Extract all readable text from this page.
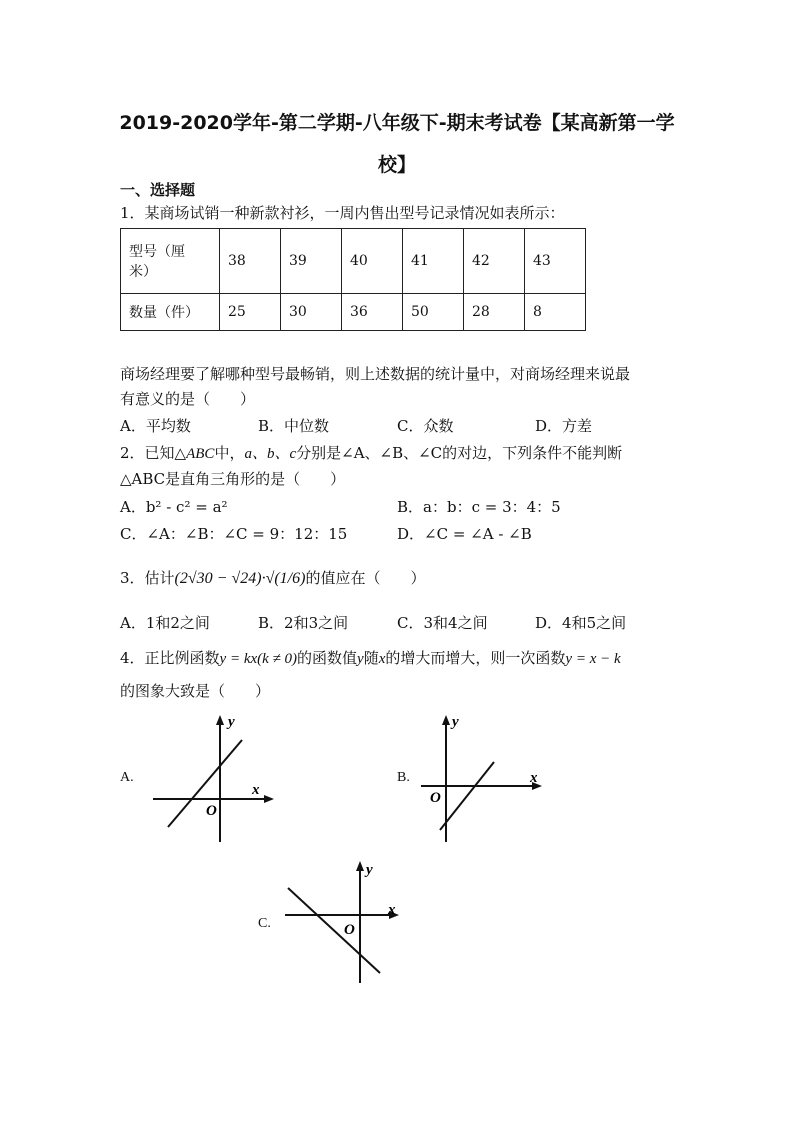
2019-2020学年-第二学期-八年级下-期末考试卷【某高新第一学
校】
一、选择题
1．某商场试销一种新款衬衫，一周内售出型号记录情况如表所示：
型号（厘
米）	38	39	40	41	42	43
数量（件）	25	30	36	50	28	8
商场经理要了解哪种型号最畅销，则上述数据的统计量中，对商场经理来说最
有意义的是（　　）
A．平均数	B．中位数	C．众数	D．方差
2．已知△ABC中，a、b、c分别是∠A、∠B、∠C的对边，下列条件不能判断
△ABC是直角三角形的是（　　）
A．b² - c² = a²	B．a：b：c = 3：4：5
C．∠A：∠B：∠C = 9：12：15	D．∠C = ∠A - ∠B
3．估计(2√30 − √24)·√(1/6)的值应在（　　）
A．1和2之间	B．2和3之间	C．3和4之间	D．4和5之间
4．正比例函数y = kx(k ≠ 0)的函数值y随x的增大而增大，则一次函数y = x − k
的图象大致是（　　）
A.
y
x
O
B.
y
x
O
C.
y
x
O
